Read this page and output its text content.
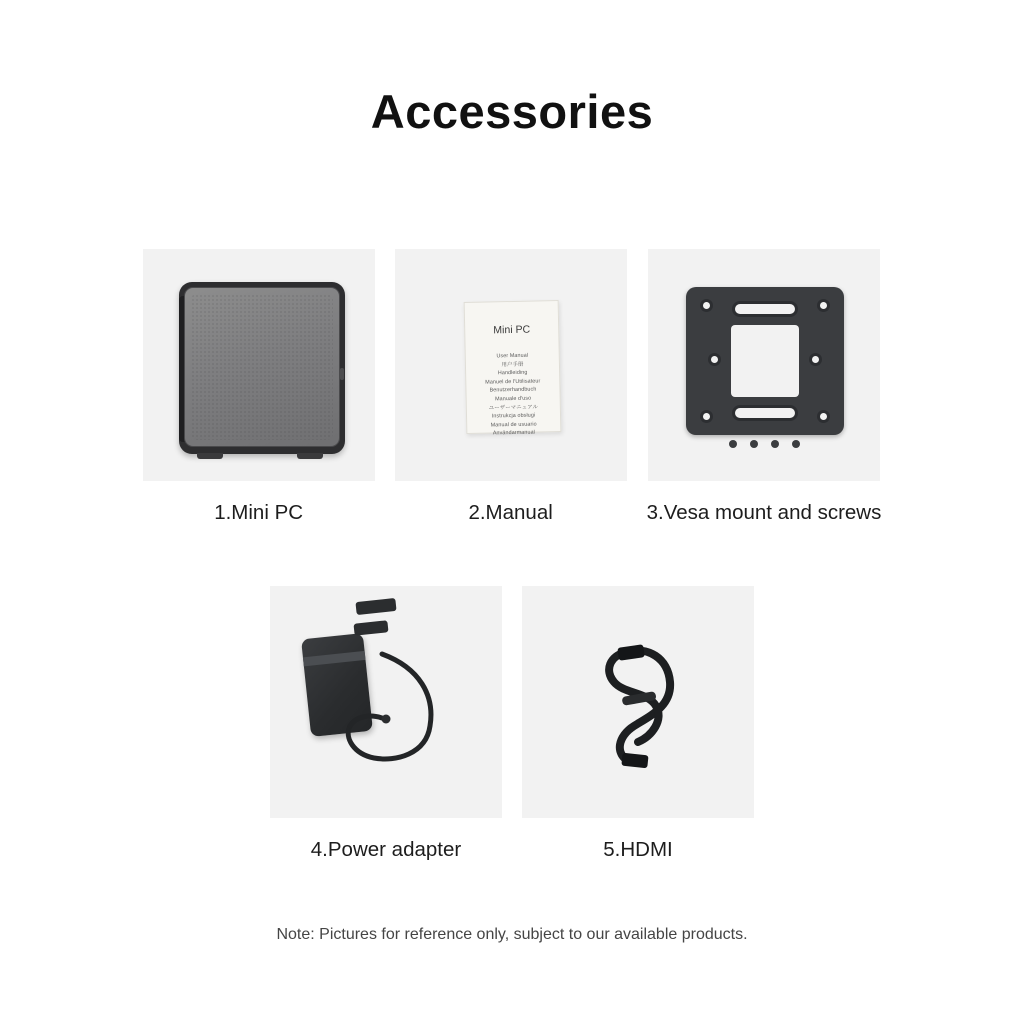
Accessories
1.Mini PC
Mini PC
User Manual
用户手册
Handleiding
Manuel de l'Utilisateur
Benutzerhandbuch
Manuale d'uso
ユーザーマニュアル
Instrukcja obsługi
Manual de usuario
Användarmanual
2.Manual	3.Vesa mount and screws
4.Power adapter	5.HDMI
Note: Pictures for reference only, subject to our available products.
